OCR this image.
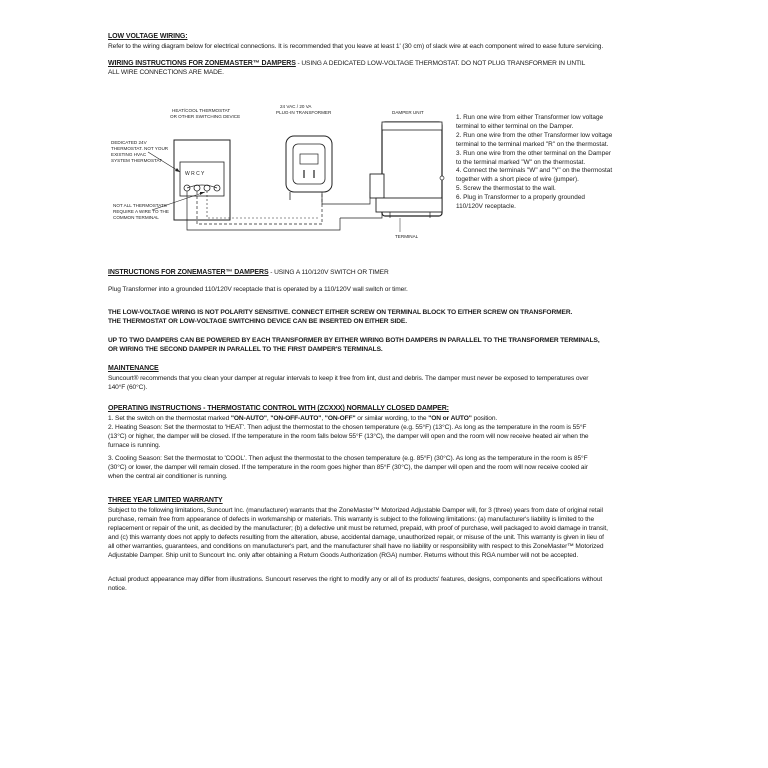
LOW VOLTAGE WIRING:
Refer to the wiring diagram below for electrical connections. It is recommended that you leave at least 1' (30 cm) of slack wire at each component wired to ease future servicing.
WIRING INSTRUCTIONS FOR ZONEMASTER™ DAMPERS - USING A DEDICATED LOW-VOLTAGE THERMOSTAT. DO NOT PLUG TRANSFORMER IN UNTIL
ALL WIRE CONNECTIONS ARE MADE.
HEAT/COOL THERMOSTAT
OR OTHER SWITCHING DEVICE
24 VAC / 20 VA
PLUG-IN TRANSFORMER	DAMPER UNIT
DEDICATED 24V
THERMOSTAT. NOT YOUR
EXISTING HVAC
SYSTEM THERMOSTAT
NOT ALL THERMOSTATS
REQUIRE A WIRE TO THE
COMMON TERMINAL
W R C Y
TERMINAL
1. Run one wire from either Transformer low voltage
terminal to either terminal on the Damper.
2. Run one wire from the other Transformer low voltage
terminal to the terminal marked "R" on the thermostat.
3. Run one wire from the other terminal on the Damper
to the terminal marked "W" on the thermostat.
4. Connect the terminals "W" and "Y" on the thermostat
together with a short piece of wire (jumper).
5. Screw the thermostat to the wall.
6. Plug in Transformer to a properly grounded
110/120V receptacle.
INSTRUCTIONS FOR ZONEMASTER™ DAMPERS - USING A 110/120V SWITCH OR TIMER
Plug Transformer into a grounded 110/120V receptacle that is operated by a 110/120V wall switch or timer.
THE LOW-VOLTAGE WIRING IS NOT POLARITY SENSITIVE. CONNECT EITHER SCREW ON TERMINAL BLOCK TO EITHER SCREW ON TRANSFORMER.
THE THERMOSTAT OR LOW-VOLTAGE SWITCHING DEVICE CAN BE INSERTED ON EITHER SIDE.
UP TO TWO DAMPERS CAN BE POWERED BY EACH TRANSFORMER BY EITHER WIRING BOTH DAMPERS IN PARALLEL TO THE TRANSFORMER TERMINALS,
OR WIRING THE SECOND DAMPER IN PARALLEL TO THE FIRST DAMPER'S TERMINALS.
MAINTENANCE
Suncourt® recommends that you clean your damper at regular intervals to keep it free from lint, dust and debris. The damper must never be exposed to temperatures over
140°F (60°C).
OPERATING INSTRUCTIONS - THERMOSTATIC CONTROL WITH (ZCXXX) NORMALLY CLOSED DAMPER:
1. Set the switch on the thermostat marked "ON-AUTO", "ON-OFF-AUTO", "ON-OFF" or similar wording, to the "ON or AUTO" position.
2. Heating Season: Set the thermostat to 'HEAT'. Then adjust the thermostat to the chosen temperature (e.g. 55°F) (13°C). As long as the temperature in the room is 55°F
(13°C) or higher, the damper will be closed. If the temperature in the room falls below 55°F (13°C), the damper will open and the room will now receive heated air when the
furnace is running.
3. Cooling Season: Set the thermostat to 'COOL'. Then adjust the thermostat to the chosen temperature (e.g. 85°F) (30°C). As long as the temperature in the room is 85°F
(30°C) or lower, the damper will remain closed. If the temperature in the room goes higher than 85°F (30°C), the damper will open and the room will now receive cooled air
when the central air conditioner is running.
THREE YEAR LIMITED WARRANTY
Subject to the following limitations, Suncourt Inc. (manufacturer) warrants that the ZoneMaster™ Motorized Adjustable Damper will, for 3 (three) years from date of original retail
purchase, remain free from appearance of defects in workmanship or materials. This warranty is subject to the following limitations: (a) manufacturer's liability is limited to the
replacement or repair of the unit, as decided by the manufacturer; (b) a defective unit must be returned, prepaid, with proof of purchase, well packaged to avoid damage in transit,
and (c) this warranty does not apply to defects resulting from the alteration, abuse, accidental damage, unauthorized repair, or misuse of the unit. This warranty is given in lieu of
all other warranties, guarantees, and conditions on manufacturer's part, and the manufacturer shall have no liability or responsibility with respect to this ZoneMaster™ Motorized
Adjustable Damper. Ship unit to Suncourt Inc. only after obtaining a Return Goods Authorization (RGA) number. Returns without this RGA number will not be accepted.
Actual product appearance may differ from illustrations. Suncourt reserves the right to modify any or all of its products' features, designs, components and specifications without
notice.
